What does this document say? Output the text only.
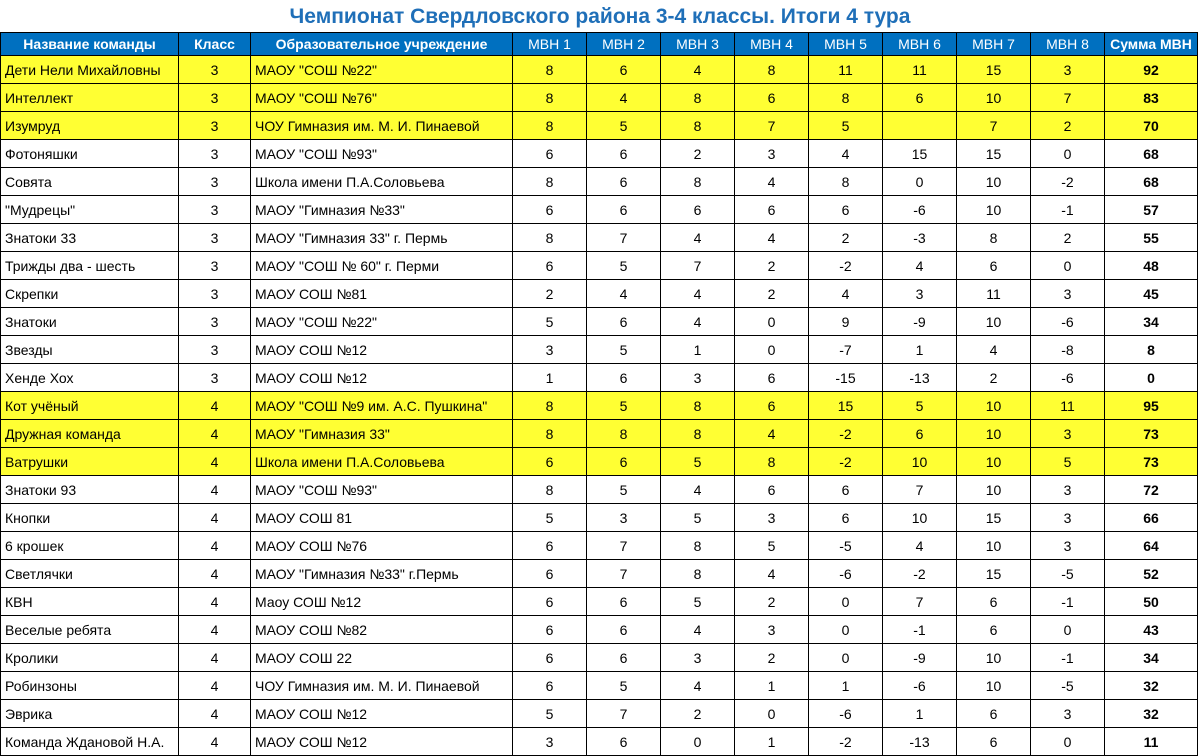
Чемпионат Свердловского района 3-4 классы. Итоги 4 тура
Название команды	Класс	Образовательное учреждение	МВН 1	МВН 2	МВН 3	МВН 4	МВН 5	МВН 6	МВН 7	МВН 8	Сумма МВН
Дети Нели Михайловны	3	МАОУ "СОШ №22"	8	6	4	8	11	11	15	3	92
Интеллект	3	МАОУ "СОШ №76"	8	4	8	6	8	6	10	7	83
Изумруд	3	ЧОУ Гимназия им. М. И. Пинаевой	8	5	8	7	5		7	2	70
Фотоняшки	3	МАОУ "СОШ №93"	6	6	2	3	4	15	15	0	68
Совята	3	Школа имени П.А.Соловьева	8	6	8	4	8	0	10	-2	68
"Мудрецы"	3	МАОУ "Гимназия №33"	6	6	6	6	6	-6	10	-1	57
Знатоки 33	3	МАОУ "Гимназия 33" г. Пермь	8	7	4	4	2	-3	8	2	55
Трижды два - шесть	3	МАОУ "СОШ № 60" г. Перми	6	5	7	2	-2	4	6	0	48
Скрепки	3	МАОУ СОШ №81	2	4	4	2	4	3	11	3	45
Знатоки	3	МАОУ "СОШ №22"	5	6	4	0	9	-9	10	-6	34
Звезды	3	МАОУ СОШ №12	3	5	1	0	-7	1	4	-8	8
Хенде Хох	3	МАОУ СОШ №12	1	6	3	6	-15	-13	2	-6	0
Кот учёный	4	МАОУ "СОШ №9 им. А.С. Пушкина"	8	5	8	6	15	5	10	11	95
Дружная команда	4	МАОУ "Гимназия 33"	8	8	8	4	-2	6	10	3	73
Ватрушки	4	Школа имени П.А.Соловьева	6	6	5	8	-2	10	10	5	73
Знатоки 93	4	МАОУ "СОШ №93"	8	5	4	6	6	7	10	3	72
Кнопки	4	МАОУ СОШ 81	5	3	5	3	6	10	15	3	66
6 крошек	4	МАОУ СОШ №76	6	7	8	5	-5	4	10	3	64
Светлячки	4	МАОУ "Гимназия №33" г.Пермь	6	7	8	4	-6	-2	15	-5	52
КВН	4	Маоу СОШ №12	6	6	5	2	0	7	6	-1	50
Веселые ребята	4	МАОУ СОШ №82	6	6	4	3	0	-1	6	0	43
Кролики	4	МАОУ СОШ 22	6	6	3	2	0	-9	10	-1	34
Робинзоны	4	ЧОУ Гимназия им. М. И. Пинаевой	6	5	4	1	1	-6	10	-5	32
Эврика	4	МАОУ СОШ №12	5	7	2	0	-6	1	6	3	32
Команда Ждановой Н.А.	4	МАОУ СОШ №12	3	6	0	1	-2	-13	6	0	11
